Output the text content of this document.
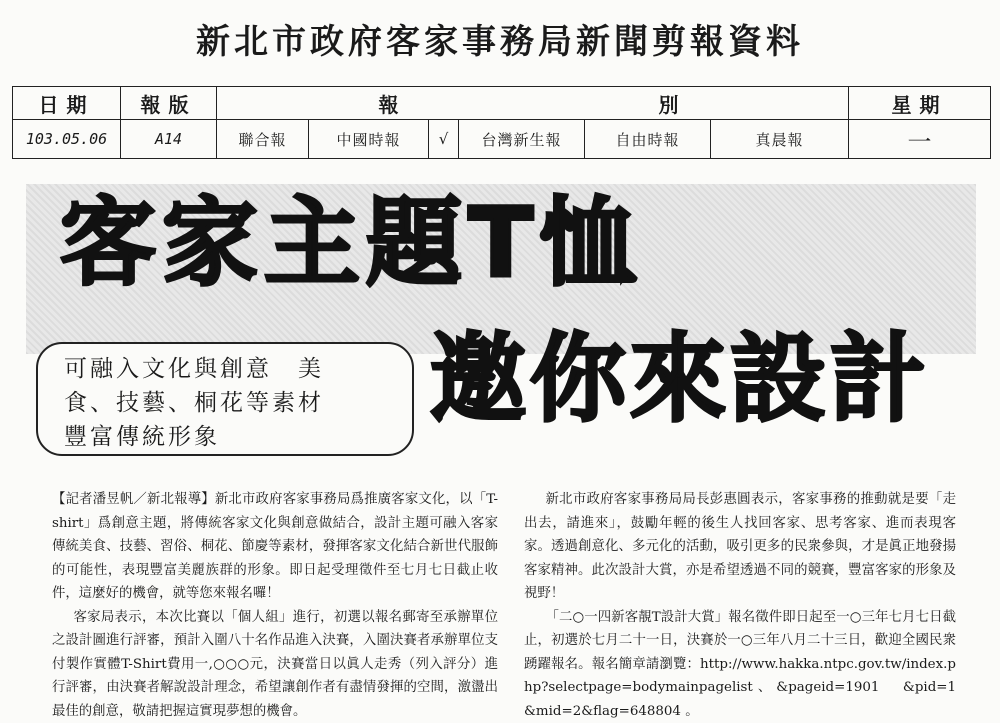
新北市政府客家事務局新聞剪報資料
日期	報版	報　　　　　　　　　別						星期
103.05.06	A14	聯合報	中國時報	√	台灣新生報	自由時報	真晨報	一
客家主題T恤
可融入文化與創意　美
食、技藝、桐花等素材
豐富傳統形象
邀你來設計

【記者潘昱帆／新北報導】新北市政府客家事務局爲推廣客家文化，以「T-shirt」爲創意主題，將傳統客家文化與創意做結合，設計主題可融入客家傳統美食、技藝、習俗、桐花、節慶等素材，發揮客家文化結合新世代服飾的可能性，表現豐富美麗族群的形象。即日起受理徵件至七月七日截止收件，這麼好的機會，就等您來報名囉！

客家局表示，本次比賽以「個人組」進行，初選以報名郵寄至承辦單位之設計圖進行評審，預計入圍八十名作品進入決賽，入圍決賽者承辦單位支付製作實體T-Shirt費用一,○○○元，決賽當日以眞人走秀（列入評分）進行評審，由決賽者解說設計理念，希望讓創作者有盡情發揮的空間，激盪出最佳的創意，敬請把握這實現夢想的機會。

新北市政府客家事務局局長彭惠圓表示，客家事務的推動就是要「走出去，請進來」，鼓勵年輕的後生人找回客家、思考客家、進而表現客家。透過創意化、多元化的活動，吸引更多的民衆參與，才是眞正地發揚客家精神。此次設計大賞，亦是希望透過不同的競賽，豐富客家的形象及視野！

「二○一四新客靚T設計大賞」報名徵件即日起至一○三年七月七日截止，初選於七月二十一日，決賽於一○三年八月二十三日，歡迎全國民衆踴躍報名。報名簡章請瀏覽：http://www.hakka.ntpc.gov.tw/index.php?selectpage=bodymainpagelist、&pageid=1901　&pid=1　&mid=2&flag=648804 。
